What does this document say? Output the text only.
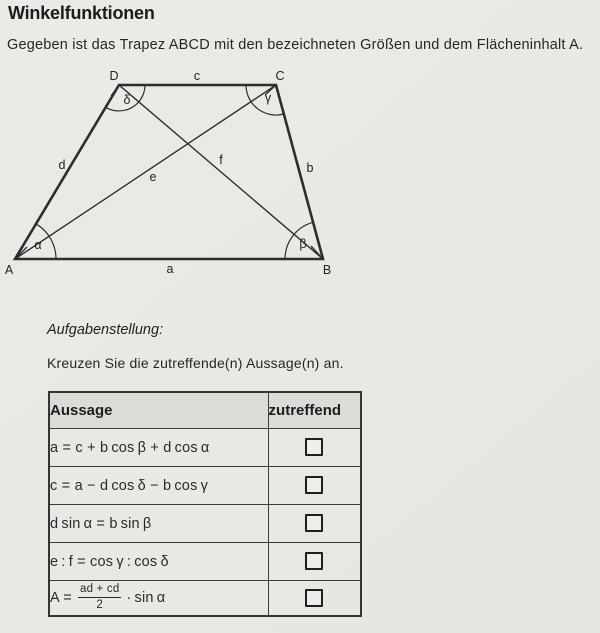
Winkelfunktionen
Gegeben ist das Trapez ABCD mit den bezeichneten Größen und dem Flächeninhalt A.
A	B
C
D
a
b
c
d
e
f
α	β
γ
δ
Aufgabenstellung:
Kreuzen Sie die zutreffende(n) Aussage(n) an.
Aussage	zutreffend
a = c + b cos β + d cos α	
c = a − d cos δ − b cos γ	
d sin α = b sin β	
e : f = cos γ : cos δ	

$A = \frac{ad + cd}{2} \cdot \sin \alpha$	
